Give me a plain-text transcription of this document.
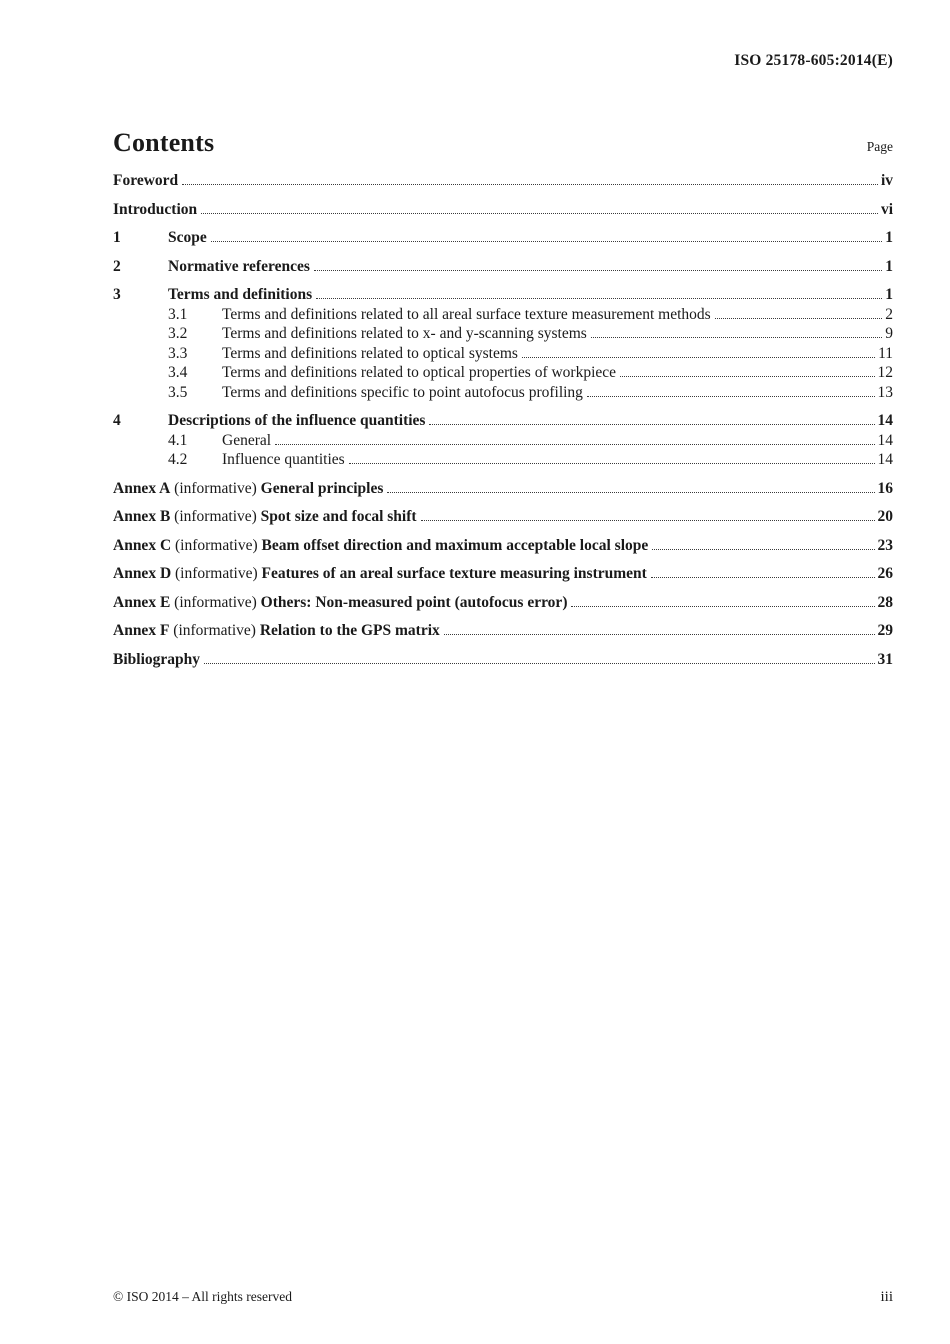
ISO 25178-605:2014(E)
Contents	Page
Foreword	iv
Introduction	vi
1	Scope	1
2	Normative references	1
3	Terms and definitions	1
3.1	Terms and definitions related to all areal surface texture measurement methods	2
3.2	Terms and definitions related to x- and y-scanning systems	9
3.3	Terms and definitions related to optical systems	11
3.4	Terms and definitions related to optical properties of workpiece	12
3.5	Terms and definitions specific to point autofocus profiling	13
4	Descriptions of the influence quantities	14
4.1	General	14
4.2	Influence quantities	14
Annex A (informative) General principles	16
Annex B (informative) Spot size and focal shift	20
Annex C (informative) Beam offset direction and maximum acceptable local slope	23
Annex D (informative) Features of an areal surface texture measuring instrument	26
Annex E (informative) Others: Non-measured point (autofocus error)	28
Annex F (informative) Relation to the GPS matrix	29
Bibliography	31
© ISO 2014 – All rights reserved	iii
